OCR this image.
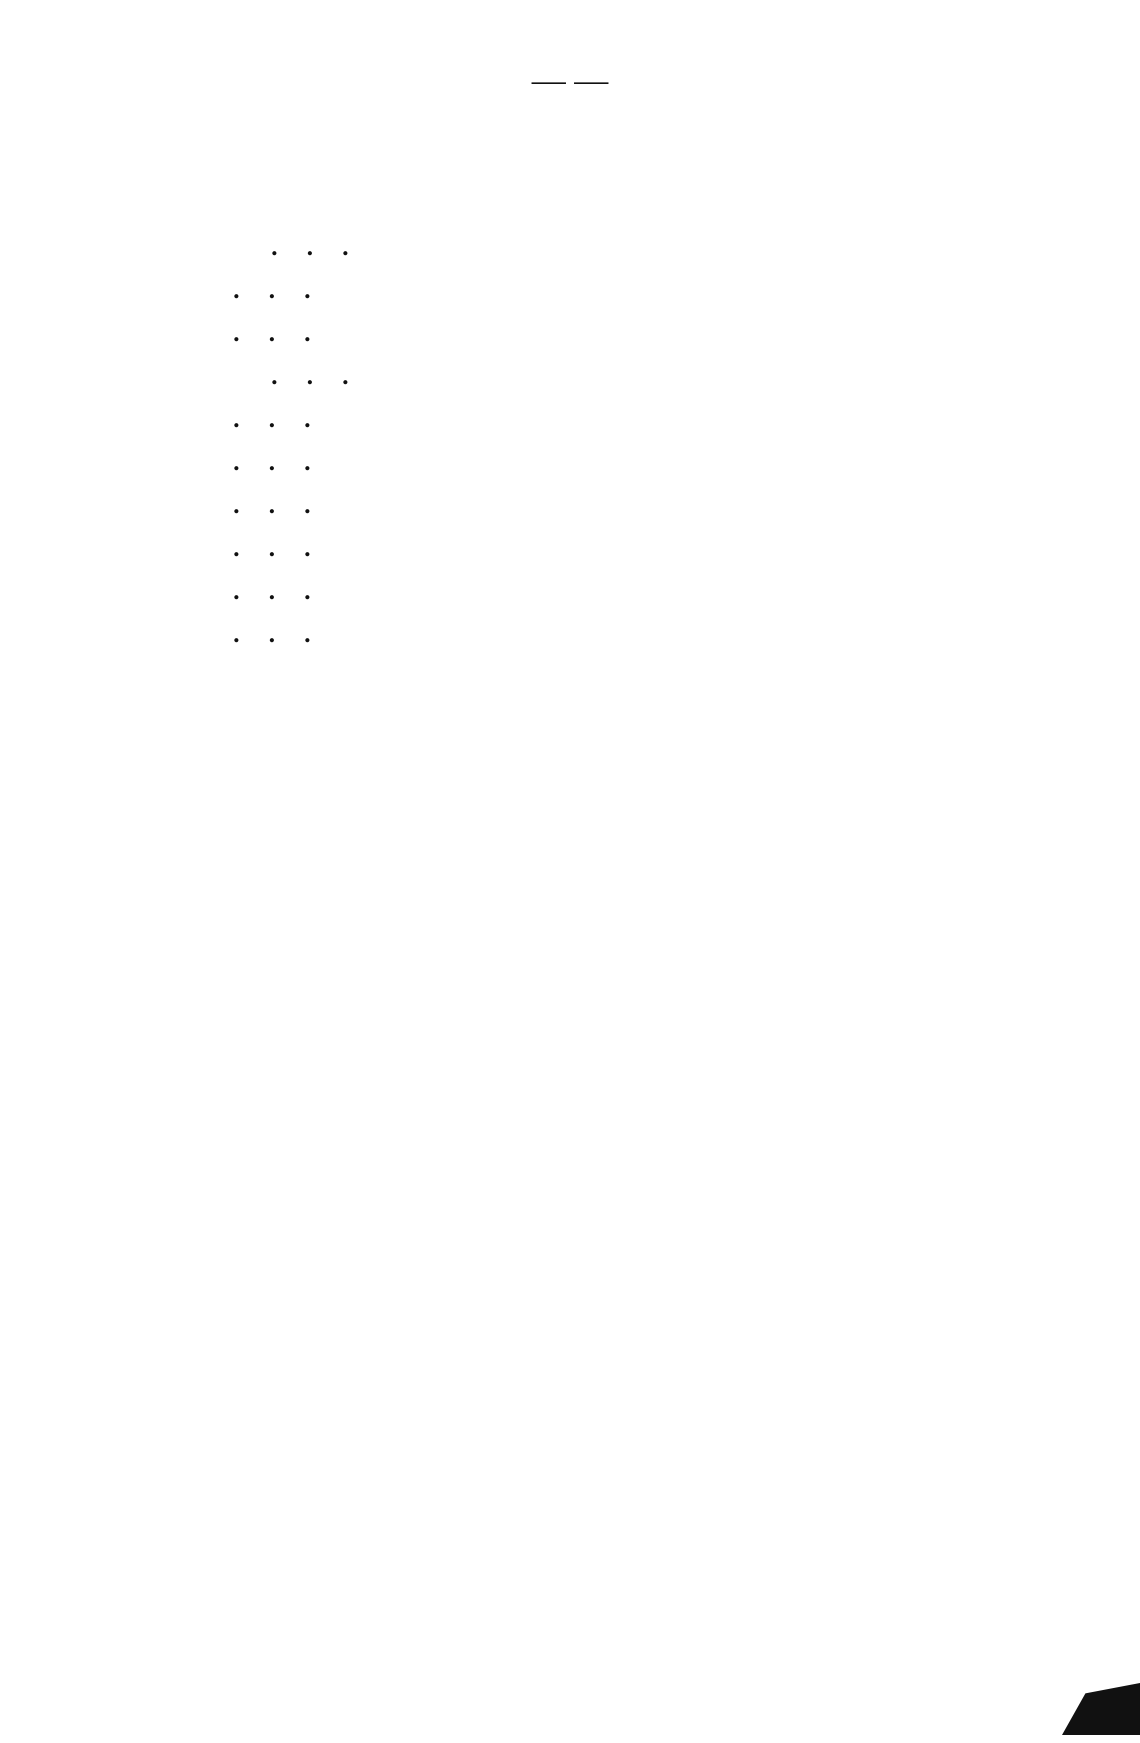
— —
. . .
. . .
. . .
. . .
. . .
. . .
. . .
. . .
. . .
. . .
